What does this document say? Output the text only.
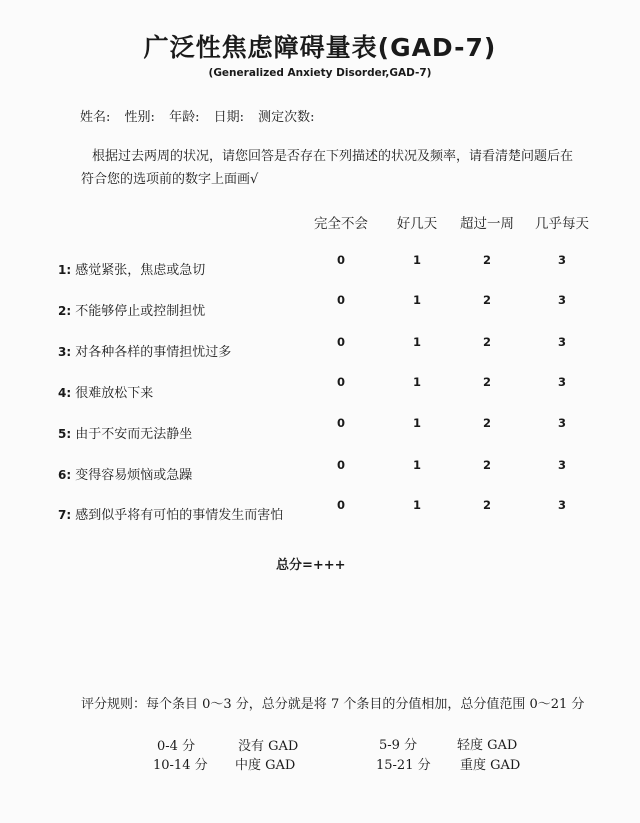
广泛性焦虑障碍量表(GAD-7)
(Generalized Anxiety Disorder,GAD-7)
姓名: 性别: 年龄: 日期: 测定次数:

根据过去两周的状况，请您回答是否存在下列描述的状况及频率，请看清楚问题后在

符合您的选项前的数字上面画√

完全不会	好几天	超过一周	几乎每天
1: 感觉紧张，焦虑或急切
0	1	2	3
2: 不能够停止或控制担忧
0	1	2	3
3: 对各种各样的事情担忧过多
0	1	2	3
4: 很难放松下来
0	1	2	3
5: 由于不安而无法静坐
0	1	2	3
6: 变得容易烦恼或急躁
0	1	2	3
7: 感到似乎将有可怕的事情发生而害怕
0	1	2	3
总分=+++
评分规则：每个条目 0～3 分，总分就是将 7 个条目的分值相加，总分值范围 0～21 分
0-4 分	没有 GAD	5-9 分	轻度 GAD
10-14 分 中度 GAD	15-21 分 重度 GAD
